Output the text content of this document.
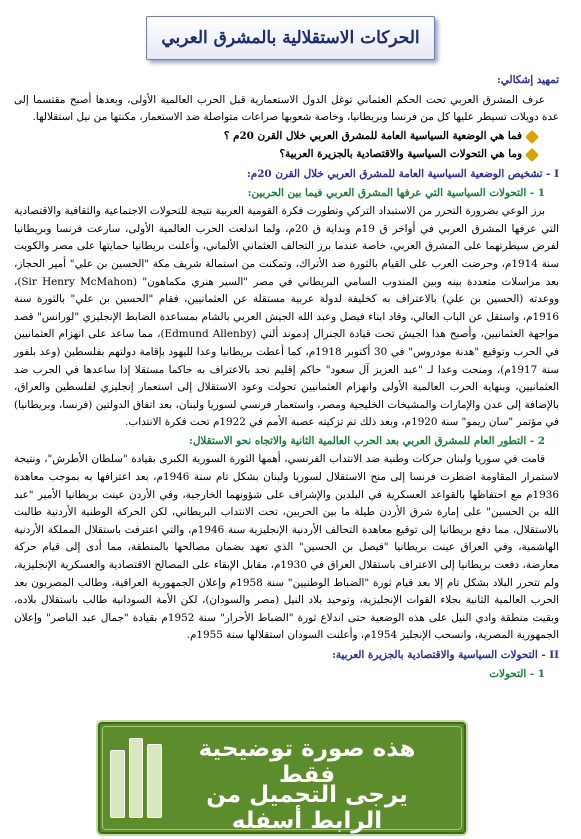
الحركات الاستقلالية بالمشرق العربي
تمهيد إشكالي:

عرف المشرق العربي تحت الحكم العثماني توغل الدول الاستعمارية قبل الحرب العالمية الأولى، وبعدها أصبح مقتسما إلى عدة دويلات تسيطر عليها كل من فرنسا وبريطانيا، وخاصة شعوبها صراعات متواصلة ضد الاستعمار، مكنتها من نيل استقلالها.

فما هي الوضعية السياسية العامة للمشرق العربي خلال القرن 20م ؟
وما هي التحولات السياسية والاقتصادية بالجزيرة العربية؟
I - تشخيص الوضعية السياسية العامة للمشرق العربي خلال القرن 20م:
1 - التحولات السياسية التي عرفها المشرق العربي فيما بين الحربين:

برز الوعي بضرورة التحرر من الاستبداد التركي وتطورت فكرة القومية العربية نتيجة للتحولات الاجتماعية والثقافية والاقتصادية التي عرفها المشرق العربي في أواخر ق 19م وبداية ق 20م، ولما اندلعت الحرب العالمية الأولى، سارعت فرنسا وبريطانيا لفرض سيطرتهما على المشرق العربي، خاصة عندما برز التحالف العثماني الألماني، وأعلنت بريطانيا حمايتها على مصر والكويت سنة 1914م، وحرضت العرب على القيام بالثورة ضد الأتراك، وتمكنت من استمالة شريف مكة "الحسين بن علي" أمير الحجاز، بعد مراسلات متعددة بينه وبين المندوب السامي البريطاني في مصر "السير هنري مكماهون" (Sir Henry McMahon)، ووعدته (الحسين بن علي) بالاعتراف به كخليفة لدولة عربية مستقلة عن العثمانيين، فقام "الحسين بن علي" بالثورة سنة 1916م، واستقل عن الباب العالي، وقاد ابناء فيصل وعبد الله الجيش العربي بالشام بمساعدة الضابط الإنجليزي "لورانس" قصد مواجهة العثمانيين، وأصبح هذا الجيش تحت قيادة الجنرال إدموند ألني (Edmund Allenby)، مما ساعد على انهزام العثمانيين في الحرب وتوقيع "هدنة مودروس" في 30 أكتوبر 1918م، كما أعطت بريطانيا وعدا لليهود بإقامة دولتهم بفلسطين (وعد بلفور سنة 1917م)، ومنحت وعدا لـ "عبد العزيز آل سعود" حاكم إقليم نجد بالاعتراف به حاكما مستقلا إذا ساعدها في الحرب ضد العثمانيين، وبنهاية الحرب العالمية الأولى وانهزام العثمانيين تحولت وعود الاستقلال إلى استعمار إنجليزي لفلسطين والعراق، بالإضافة إلى عدن والإمارات والمشيخات الخليجية ومصر، واستعمار فرنسي لسوريا ولبنان، بعد اتفاق الدولتين (فرنسا، وبريطانيا) في مؤتمر "سان ريمو" سنة 1920م، وبعد ذلك تم تزكيته عصبة الأمم في 1922م تحت فكرة الانتداب.

2 - التطور العام للمشرق العربي بعد الحرب العالمية الثانية والاتجاه نحو الاستقلال:

قامت في سوريا ولبنان حركات وطنية ضد الانتداب الفرنسي، أهمها الثورة السورية الكبرى بقيادة "سلطان الأطرش"، ونتيجة لاستمرار المقاومة اضطرت فرنسا إلى منح الاستقلال لسوريا ولبنان بشكل تام سنة 1946م، بعد اعترافها به بموجب معاهدة 1936م مع احتفاظها بالقواعد العسكرية في البلدين والإشراف على شؤونهما الخارجية، وفي الأردن عينت بريطانيا الأمير "عبد الله بن الحسين" على إمارة شرق الأردن طيلة ما بين الحربين، تحت الانتداب البريطاني، لكن الحركة الوطنية الأردنية طالبت بالاستقلال، مما دفع بريطانيا إلى توقيع معاهدة التحالف الأردنية الإنجليزية سنة 1946م، والتي اعترفت باستقلال المملكة الأردنية الهاشمية، وفي العراق عينت بريطانيا "فيصل بن الحسين" الذي تعهد بضمان مصالحها بالمنطقة، مما أدى إلى قيام حركة معارضة، دفعت بريطانيا إلى الاعتراف باستقلال العراق في 1930م، مقابل الإبقاء على المصالح الاقتصادية والعسكرية الإنجليزية، ولم تتحرر البلاد بشكل تام إلا بعد قيام ثورة "الضباط الوطنيين" سنة 1958م وإعلان الجمهورية العراقية، وطالب المصريون بعد الحرب العالمية الثانية بجلاء القوات الإنجليزية، وتوحيد بلاد النيل (مصر والسودان)، لكن الأمة السودانية طالب باستقلال بلاده، وبقيت منطقة وادي النيل على هذه الوضعية حتى اندلاع ثورة "الضباط الأحرار" سنة 1952م بقيادة "جمال عبد الناصر" وإعلان الجمهورية المصرية، وانسحب الإنجليز 1954م، وأعلنت السودان استقلالها سنة 1955م.

II - التحولات السياسية والاقتصادية بالجزيرة العربية:
1 - التحولات
هذه صورة توضيحية فقط
يرجى التحميل من الرابط أسفله
